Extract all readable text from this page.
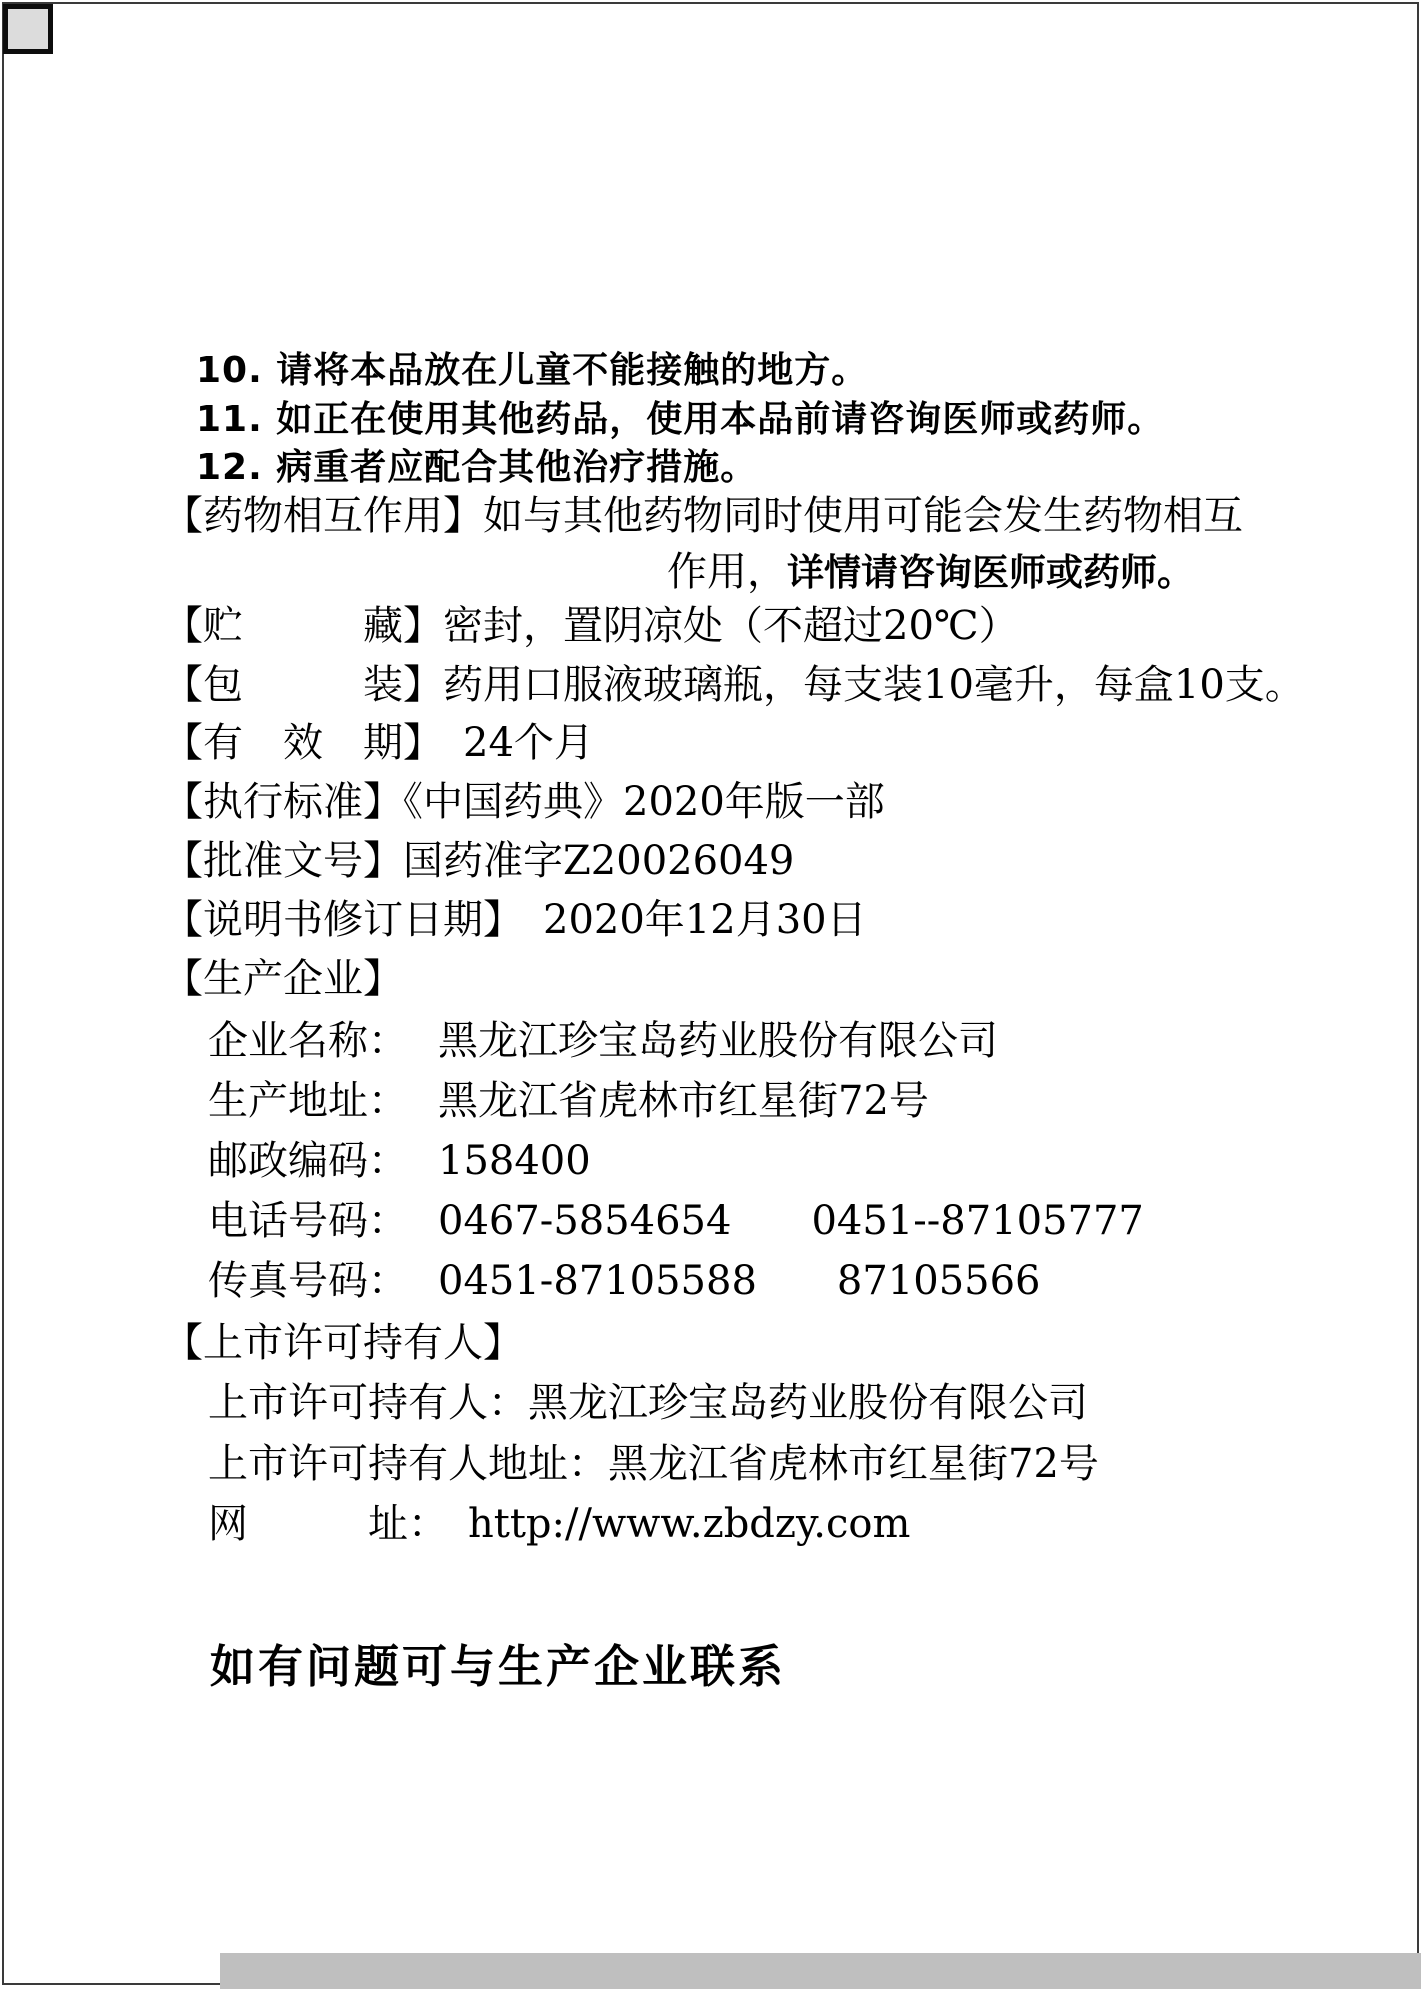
10. 请将本品放在儿童不能接触的地方。
11. 如正在使用其他药品，使用本品前请咨询医师或药师。
12. 病重者应配合其他治疗措施。
【药物相互作用】如与其他药物同时使用可能会发生药物相互
作用，详情请咨询医师或药师。
【贮　　　藏】密封，置阴凉处（不超过20℃）
【包　　　装】药用口服液玻璃瓶，每支装10毫升，每盒10支。
【有　效　期】　24个月
【执行标准】《中国药典》2020年版一部
【批准文号】国药准字Z20026049
【说明书修订日期】　2020年12月30日
【生产企业】
企业名称： 黑龙江珍宝岛药业股份有限公司
生产地址： 黑龙江省虎林市红星街72号
邮政编码： 158400
电话号码： 0467-5854654　　0451--87105777
传真号码： 0451-87105588　　87105566
【上市许可持有人】
上市许可持有人：黑龙江珍宝岛药业股份有限公司
上市许可持有人地址：黑龙江省虎林市红星街72号
网　　　址：　http://www.zbdzy.com
如有问题可与生产企业联系
